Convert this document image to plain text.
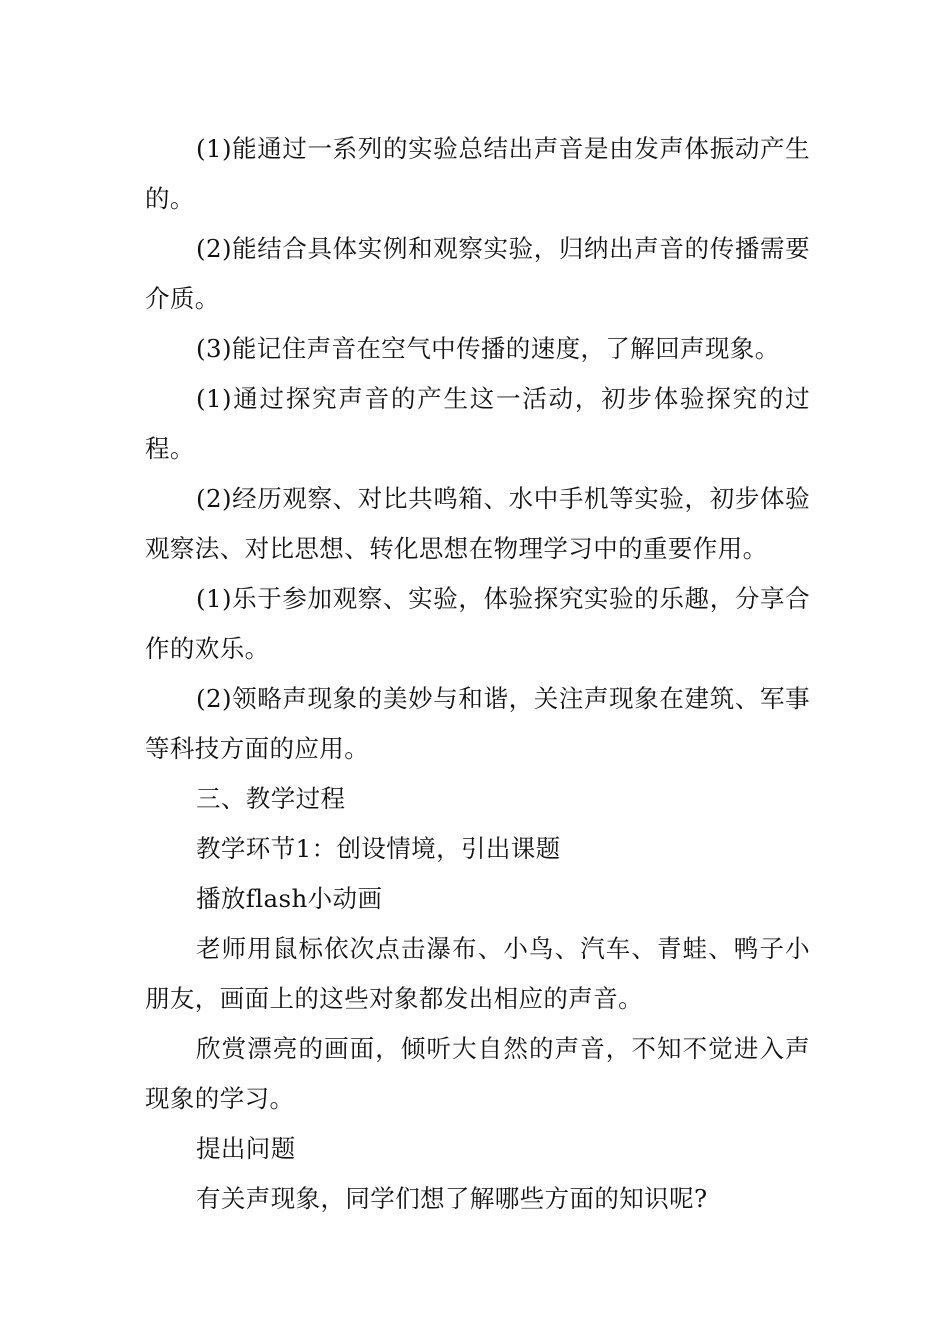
(1)能通过一系列的实验总结出声音是由发声体振动产生的。

(2)能结合具体实例和观察实验，归纳出声音的传播需要介质。

(3)能记住声音在空气中传播的速度，了解回声现象。

(1)通过探究声音的产生这一活动，初步体验探究的过程。

(2)经历观察、对比共鸣箱、水中手机等实验，初步体验观察法、对比思想、转化思想在物理学习中的重要作用。

(1)乐于参加观察、实验，体验探究实验的乐趣，分享合作的欢乐。

(2)领略声现象的美妙与和谐，关注声现象在建筑、军事等科技方面的应用。

三、教学过程

教学环节1：创设情境，引出课题

播放flash小动画

老师用鼠标依次点击瀑布、小鸟、汽车、青蛙、鸭子小朋友，画面上的这些对象都发出相应的声音。

欣赏漂亮的画面，倾听大自然的声音，不知不觉进入声现象的学习。

提出问题

有关声现象，同学们想了解哪些方面的知识呢?
